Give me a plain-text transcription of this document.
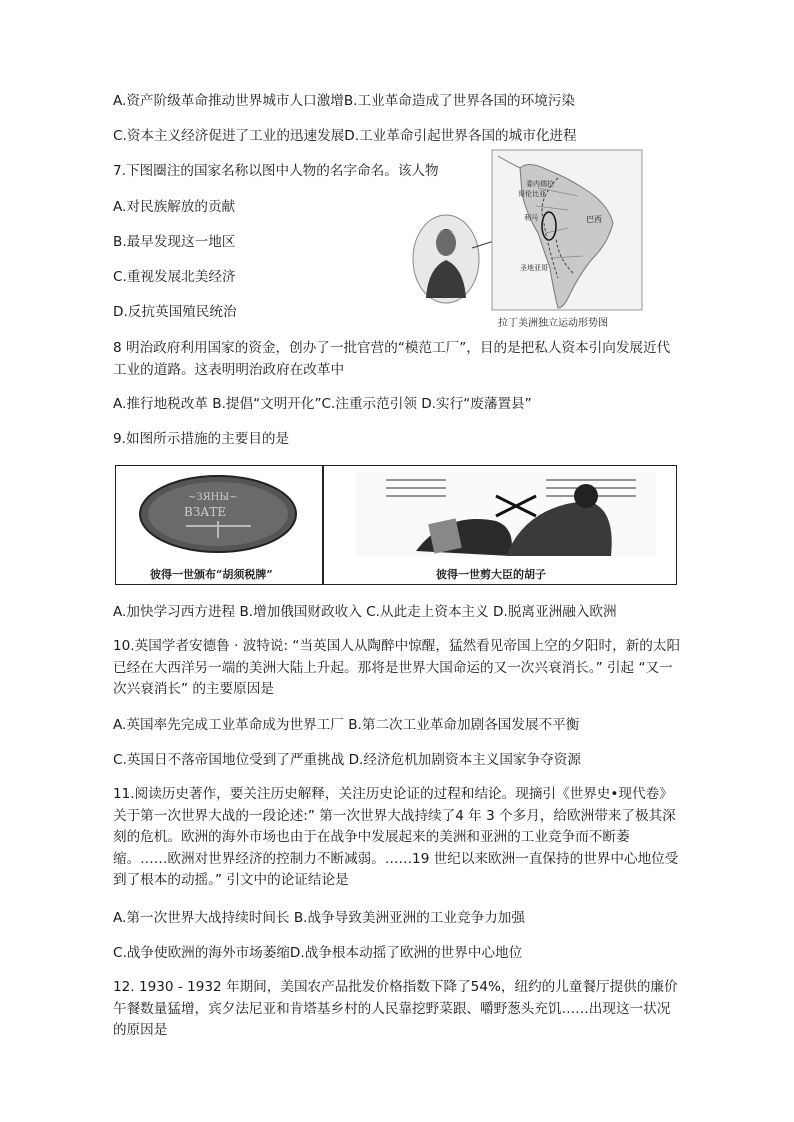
A.资产阶级革命推动世界城市人口激增B.工业革命造成了世界各国的环境污染
C.资本主义经济促进了工业的迅速发展D.工业革命引起世界各国的城市化进程
7.下图圈注的国家名称以图中人物的名字命名。该人物
A.对民族解放的贡献
B.最早发现这一地区
C.重视发展北美经济
D.反抗英国殖民统治
委内瑞拉
哥伦比亚
利马	巴西
圣地亚哥
拉丁美洲独立运动形势图
8 明治政府利用国家的资金，创办了一批官营的“模范工厂”，目的是把私人资本引向发展近代工业的道路。这表明明治政府在改革中
A.推行地税改革 B.提倡“文明开化”C.注重示范引领 D.实行“废藩置县”
9.如图所示措施的主要目的是
~ЗЯНЫ~
ВЗАТЕ
彼得一世颁布“胡须税牌”	彼得一世剪大臣的胡子
A.加快学习西方进程 B.增加俄国财政收入 C.从此走上资本主义 D.脱离亚洲融入欧洲
10.英国学者安德鲁 · 波特说: “当英国人从陶醉中惊醒，猛然看见帝国上空的夕阳时，新的太阳已经在大西洋另一端的美洲大陆上升起。那将是世界大国命运的又一次兴衰消长。” 引起 “又一次兴衰消长” 的主要原因是
A.英国率先完成工业革命成为世界工厂 B.第二次工业革命加剧各国发展不平衡
C.英国日不落帝国地位受到了严重挑战 D.经济危机加剧资本主义国家争夺资源
11.阅读历史著作，要关注历史解释，关注历史论证的过程和结论。现摘引《世界史•现代卷》关于第一次世界大战的一段论述:” 第一次世界大战持续了4 年 3 个多月，给欧洲带来了极其深刻的危机。欧洲的海外市场也由于在战争中发展起来的美洲和亚洲的工业竞争而不断萎缩。……欧洲对世界经济的控制力不断减弱。……19 世纪以来欧洲一直保持的世界中心地位受到了根本的动摇。” 引文中的论证结论是
A.第一次世界大战持续时间长 B.战争导致美洲亚洲的工业竞争力加强
C.战争使欧洲的海外市场萎缩D.战争根本动摇了欧洲的世界中心地位
12. 1930 - 1932 年期间，美国农产品批发价格指数下降了54%，纽约的儿童餐厅提供的廉价午餐数量猛增，宾夕法尼亚和肯塔基乡村的人民靠挖野菜跟、嚼野葱头充饥……出现这一状况的原因是
